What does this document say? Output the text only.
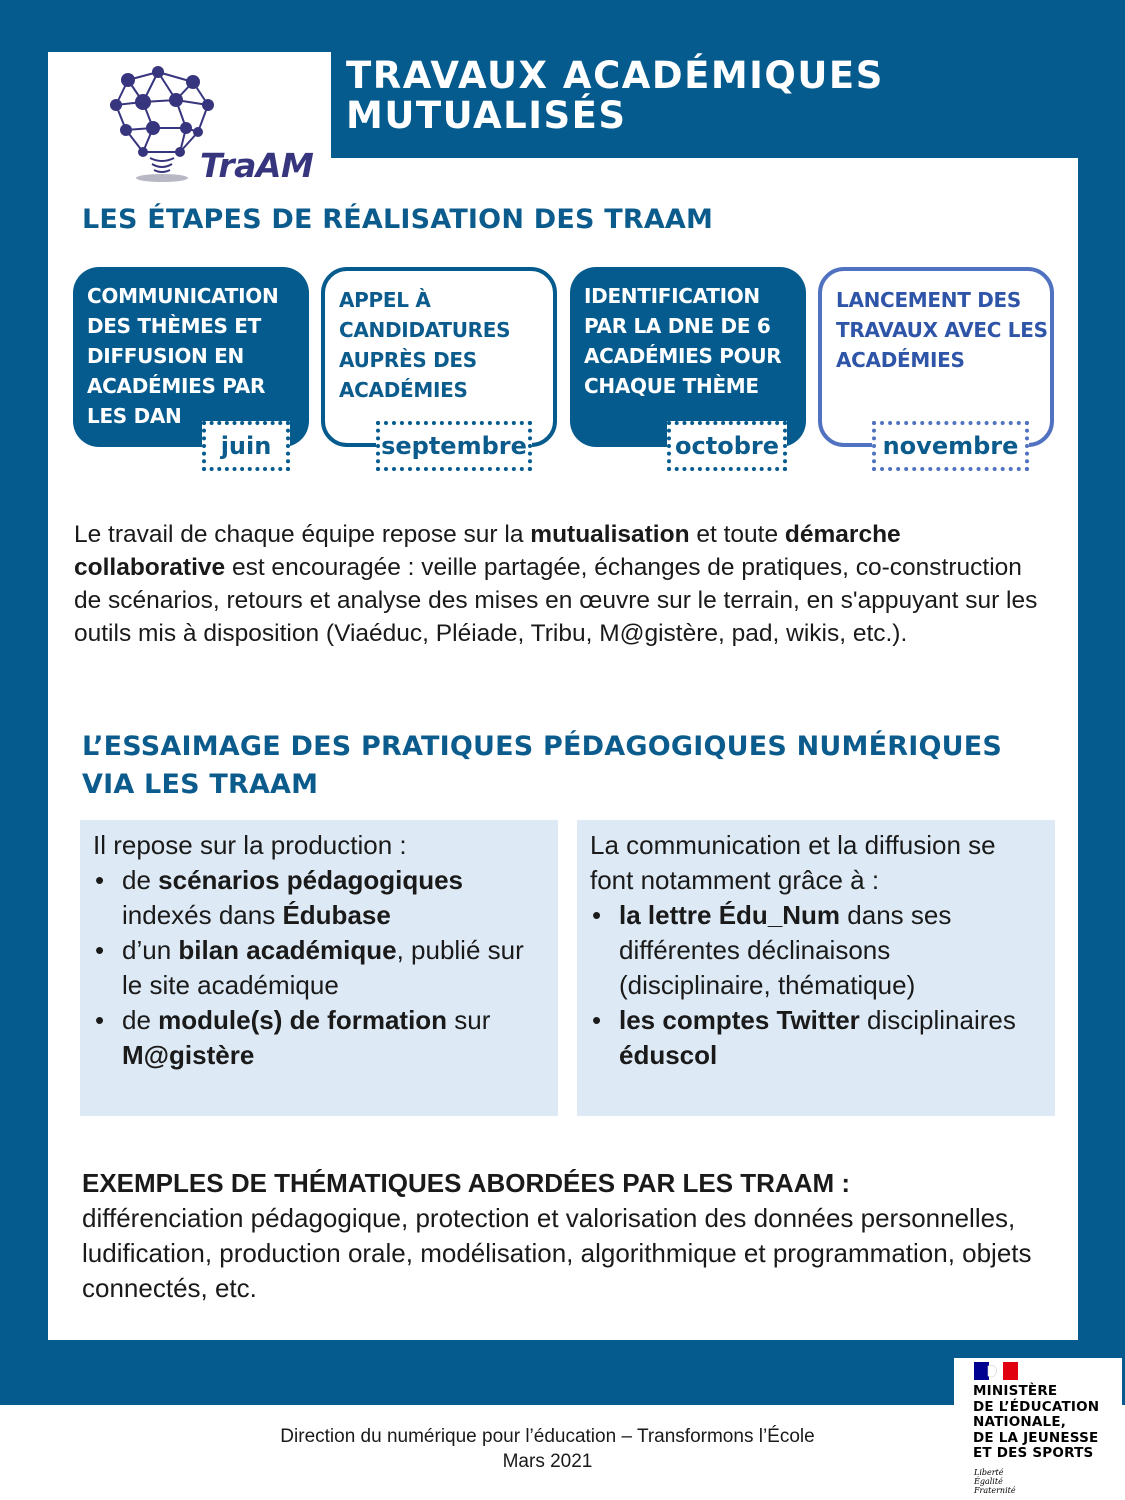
TRAVAUX ACADÉMIQUES MUTUALISÉS
TraAM
LES ÉTAPES DE RÉALISATION DES TRAAM
COMMUNICATION DES THÈMES ET DIFFUSION EN ACADÉMIES PAR LES DAN
juin
APPEL À CANDIDATURES AUPRÈS DES ACADÉMIES
septembre
IDENTIFICATION PAR LA DNE DE 6 ACADÉMIES POUR CHAQUE THÈME
octobre
LANCEMENT DES TRAVAUX AVEC LES ACADÉMIES
novembre

Le travail de chaque équipe repose sur la mutualisation et toute démarche collaborative est encouragée : veille partagée, échanges de pratiques, co-construction de scénarios, retours et analyse des mises en œuvre sur le terrain, en s'appuyant sur les outils mis à disposition (Viaéduc, Pléiade, Tribu, M@gistère, pad, wikis, etc.).

L’ESSAIMAGE DES PRATIQUES PÉDAGOGIQUES NUMÉRIQUES VIA LES TRAAM
Il repose sur la production :
• de scénarios pédagogiques indexés dans Édubase
• d’un bilan académique, publié sur le site académique
• de module(s) de formation sur M@gistère
La communication et la diffusion se font notamment grâce à :
• la lettre Édu_Num dans ses différentes déclinaisons (disciplinaire, thématique)
• les comptes Twitter disciplinaires éduscol
EXEMPLES DE THÉMATIQUES ABORDÉES PAR LES TRAAM :
différenciation pédagogique, protection et valorisation des données personnelles, ludification, production orale, modélisation, algorithmique et programmation, objets connectés, etc.
Direction du numérique pour l’éducation – Transformons l’École
Mars 2021
MINISTÈRE
DE L’ÉDUCATION
NATIONALE,
DE LA JEUNESSE
ET DES SPORTS
Liberté
Égalité
Fraternité
